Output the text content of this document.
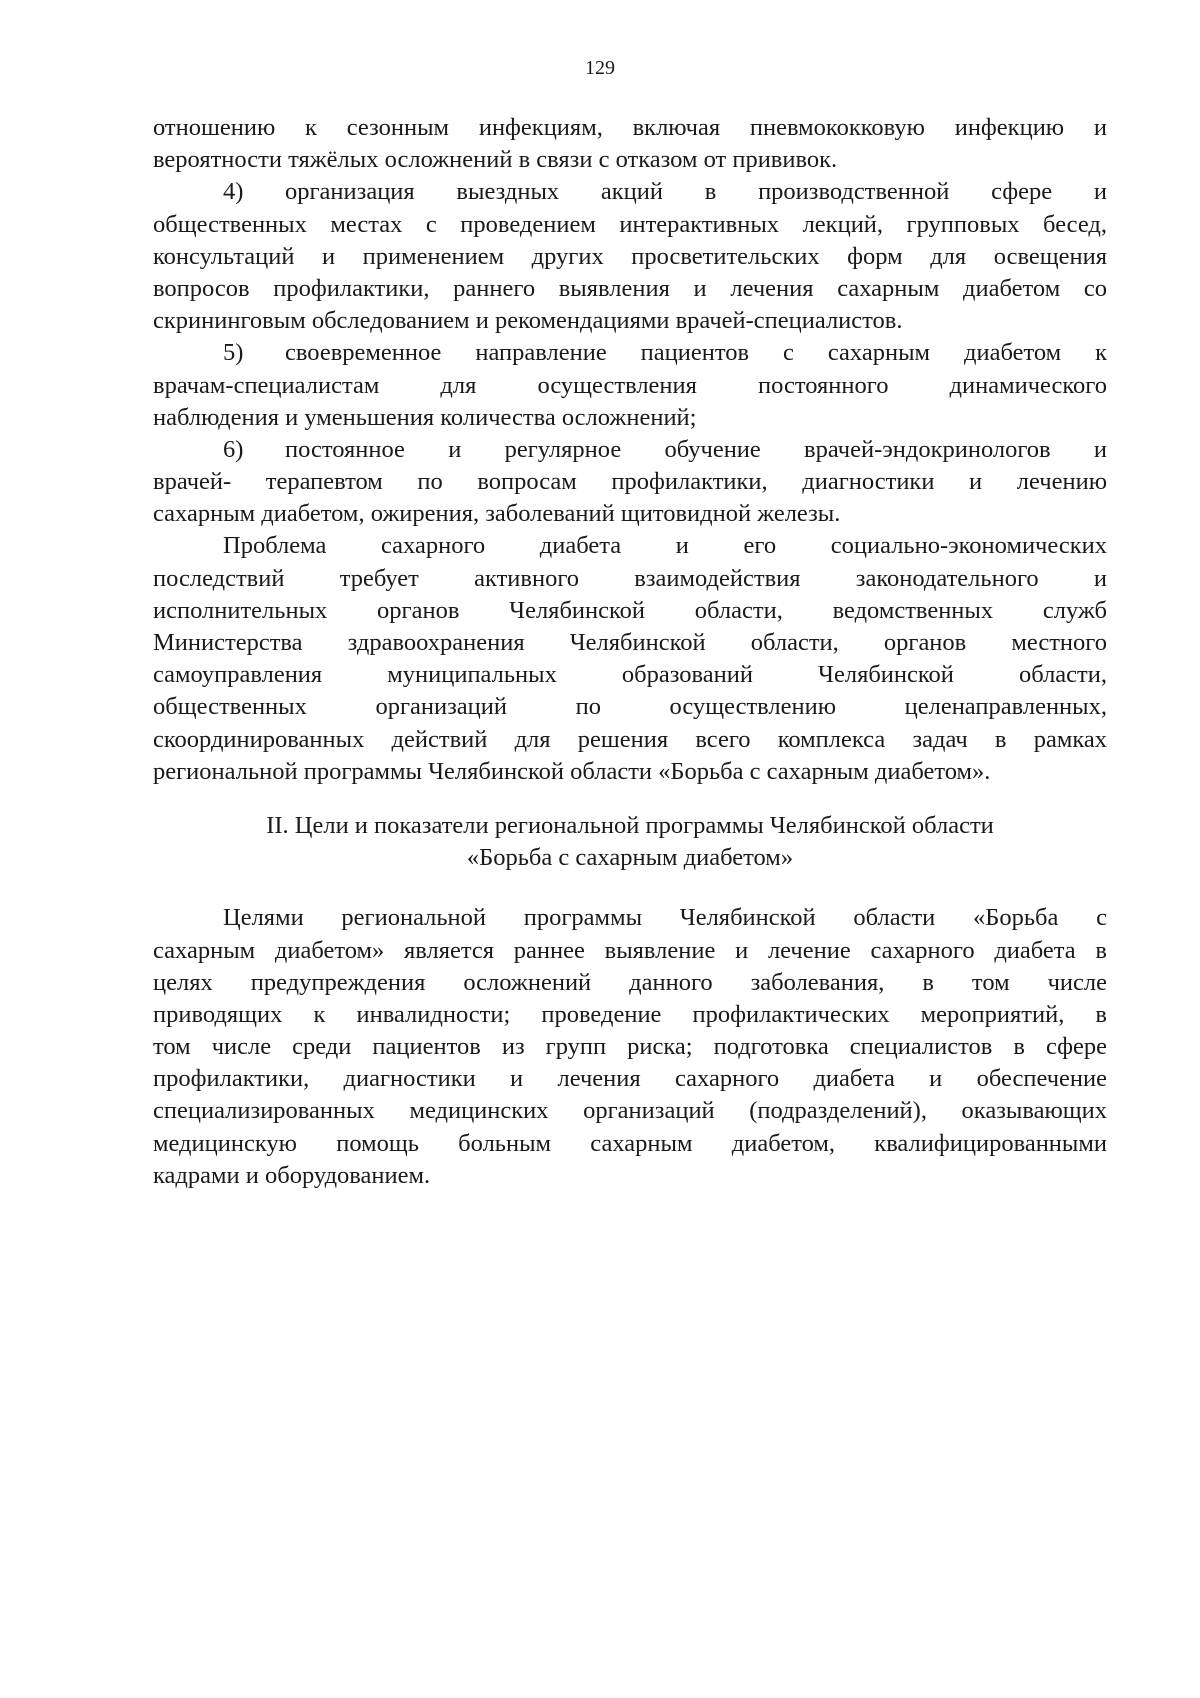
129
отношению к сезонным инфекциям, включая пневмококковую инфекцию и
вероятности тяжёлых осложнений в связи с отказом от прививок.
4)	организация выездных акций в производственной сфере и
общественных местах с проведением интерактивных лекций, групповых бесед,
консультаций и применением других просветительских форм для освещения
вопросов профилактики, раннего выявления и лечения сахарным диабетом со
скрининговым обследованием и рекомендациями врачей-специалистов.
5)	своевременное направление пациентов с сахарным диабетом к
врачам-специалистам для осуществления постоянного динамического
наблюдения и уменьшения количества осложнений;
6)	постоянное и регулярное обучение врачей-эндокринологов и
врачей- терапевтом по вопросам профилактики, диагностики и лечению
сахарным диабетом, ожирения, заболеваний щитовидной железы.
Проблема сахарного диабета и его социально-экономических
последствий требует активного взаимодействия законодательного и
исполнительных органов Челябинской области, ведомственных служб
Министерства здравоохранения Челябинской области, органов местного
самоуправления муниципальных образований Челябинской области,
общественных организаций по осуществлению целенаправленных,
скоординированных действий для решения всего комплекса задач в рамках
региональной программы Челябинской области «Борьба с сахарным диабетом».
II. Цели и показатели региональной программы Челябинской области
«Борьба с сахарным диабетом»
Целями региональной программы Челябинской области «Борьба с
сахарным диабетом» является раннее выявление и лечение сахарного диабета в
целях предупреждения осложнений данного заболевания, в том числе
приводящих к инвалидности; проведение профилактических мероприятий, в
том числе среди пациентов из групп риска; подготовка специалистов в сфере
профилактики, диагностики и лечения сахарного диабета и обеспечение
специализированных медицинских организаций (подразделений), оказывающих
медицинскую помощь больным сахарным диабетом, квалифицированными
кадрами и оборудованием.
